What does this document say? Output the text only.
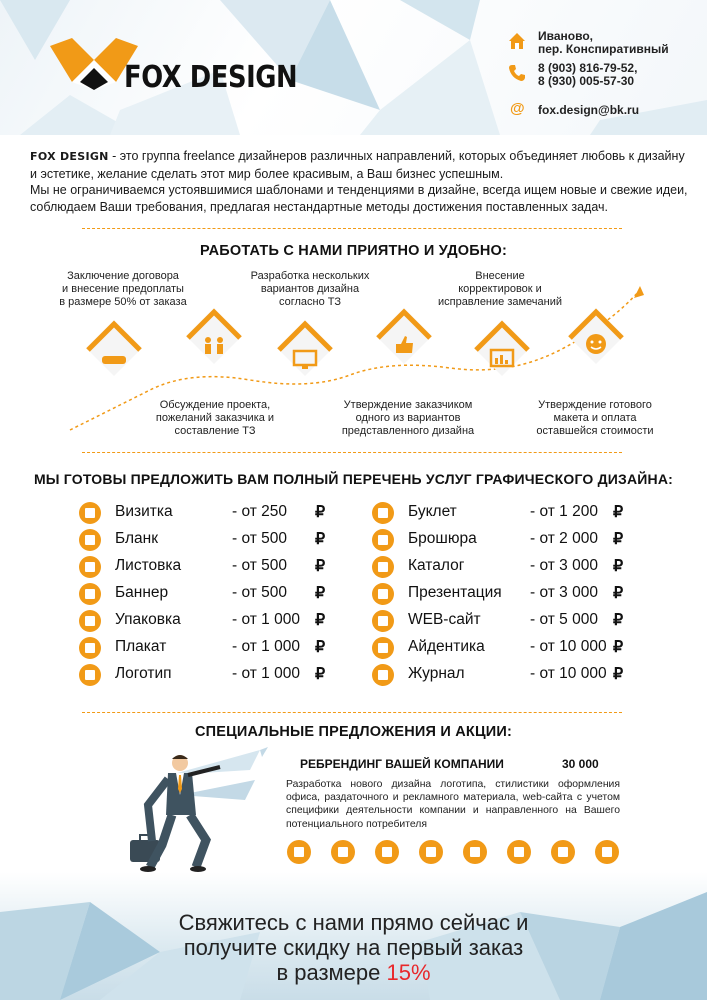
FOX DESIGN
Иваново,
пер. Конспиративный
8 (903) 816-79-52,
8 (930) 005-57-30
@ fox.design@bk.ru

FOX DESIGN - это группа freelance дизайнеров различных направлений, которых объединяет любовь к дизайну и эстетике, желание сделать этот мир более красивым, а Ваш бизнес успешным.

Мы не ограничиваемся устоявшимися шаблонами и тенденциями в дизайне, всегда ищем новые и свежие идеи, соблюдаем Ваши требования, предлагая нестандартные методы достижения поставленных задач.

РАБОТАТЬ С НАМИ ПРИЯТНО И УДОБНО:
Заключение договора
и внесение предоплаты
в размере 50% от заказа
Разработка нескольких
вариантов дизайна
согласно ТЗ
Внесение
корректировок и
исправление замечаний
Обсуждение проекта,
пожеланий заказчика и
составление ТЗ
Утверждение заказчиком
одного из вариантов
представленного дизайна
Утверждение готового
макета и оплата
оставшейся стоимости
МЫ ГОТОВЫ ПРЕДЛОЖИТЬ ВАМ ПОЛНЫЙ ПЕРЕЧЕНЬ УСЛУГ ГРАФИЧЕСКОГО ДИЗАЙНА:
Визитка	- от 250 ₽
Бланк	- от 500 ₽
Листовка	- от 500 ₽
Баннер	- от 500 ₽
Упаковка	- от 1 000 ₽
Плакат	- от 1 000 ₽
Логотип	- от 1 000 ₽
Буклет	- от 1 200 ₽
Брошюра	- от 2 000 ₽
Каталог	- от 3 000 ₽
Презентация - от 3 000 ₽
WEB-сайт	- от 5 000 ₽
Айдентика	- от 10 000 ₽
Журнал	- от 10 000 ₽
СПЕЦИАЛЬНЫЕ ПРЕДЛОЖЕНИЯ И АКЦИИ:
РЕБРЕНДИНГ ВАШЕЙ КОМПАНИИ	30 000
Разработка нового дизайна логотипа, стилистики оформления офиса, раздаточного и рекламного материала, web-сайта с учетом специфики деятельности компании и направленного на Вашего потенциального потребителя
Свяжитесь с нами прямо сейчас и
получите скидку на первый заказ
в размере 15%
